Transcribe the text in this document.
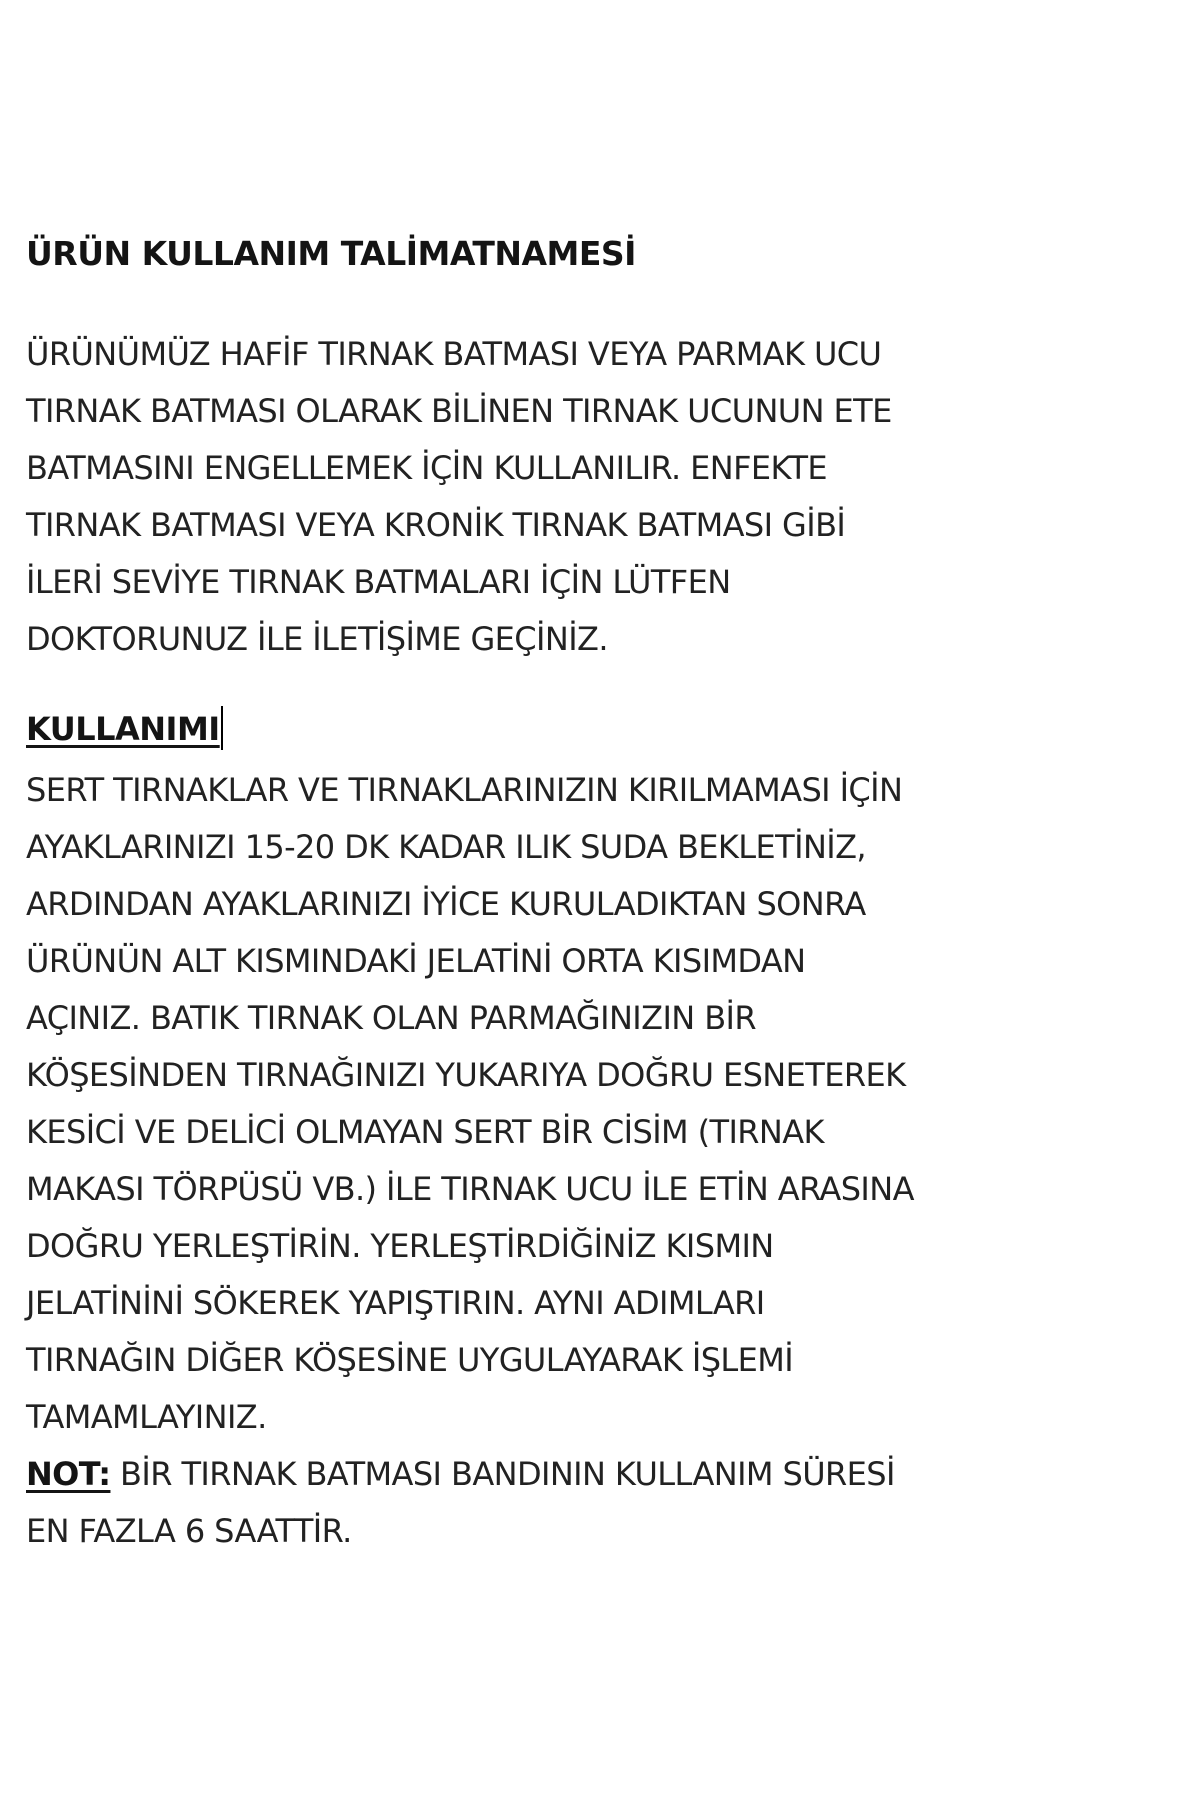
ÜRÜN KULLANIM TALİMATNAMESİ
ÜRÜNÜMÜZ HAFİF TIRNAK BATMASI VEYA PARMAK UCU
TIRNAK BATMASI OLARAK BİLİNEN TIRNAK UCUNUN ETE
BATMASINI ENGELLEMEK İÇİN KULLANILIR. ENFEKTE
TIRNAK BATMASI VEYA KRONİK TIRNAK BATMASI GİBİ
İLERİ SEVİYE TIRNAK BATMALARI İÇİN LÜTFEN
DOKTORUNUZ İLE İLETİŞİME GEÇİNİZ.
KULLANIMI
SERT TIRNAKLAR VE TIRNAKLARINIZIN KIRILMAMASI İÇİN
AYAKLARINIZI 15-20 DK KADAR ILIK SUDA BEKLETİNİZ,
ARDINDAN AYAKLARINIZI İYİCE KURULADIKTAN SONRA
ÜRÜNÜN ALT KISMINDAKİ JELATİNİ ORTA KISIMDAN
AÇINIZ. BATIK TIRNAK OLAN PARMAĞINIZIN BİR
KÖŞESİNDEN TIRNAĞINIZI YUKARIYA DOĞRU ESNETEREK
KESİCİ VE DELİCİ OLMAYAN SERT BİR CİSİM (TIRNAK
MAKASI TÖRPÜSÜ VB.) İLE TIRNAK UCU İLE ETİN ARASINA
DOĞRU YERLEŞTİRİN. YERLEŞTİRDİĞİNİZ KISMIN
JELATİNİNİ SÖKEREK YAPIŞTIRIN. AYNI ADIMLARI
TIRNAĞIN DİĞER KÖŞESİNE UYGULAYARAK İŞLEMİ
TAMAMLAYINIZ.
NOT: BİR TIRNAK BATMASI BANDININ KULLANIM SÜRESİ
EN FAZLA 6 SAATTİR.
